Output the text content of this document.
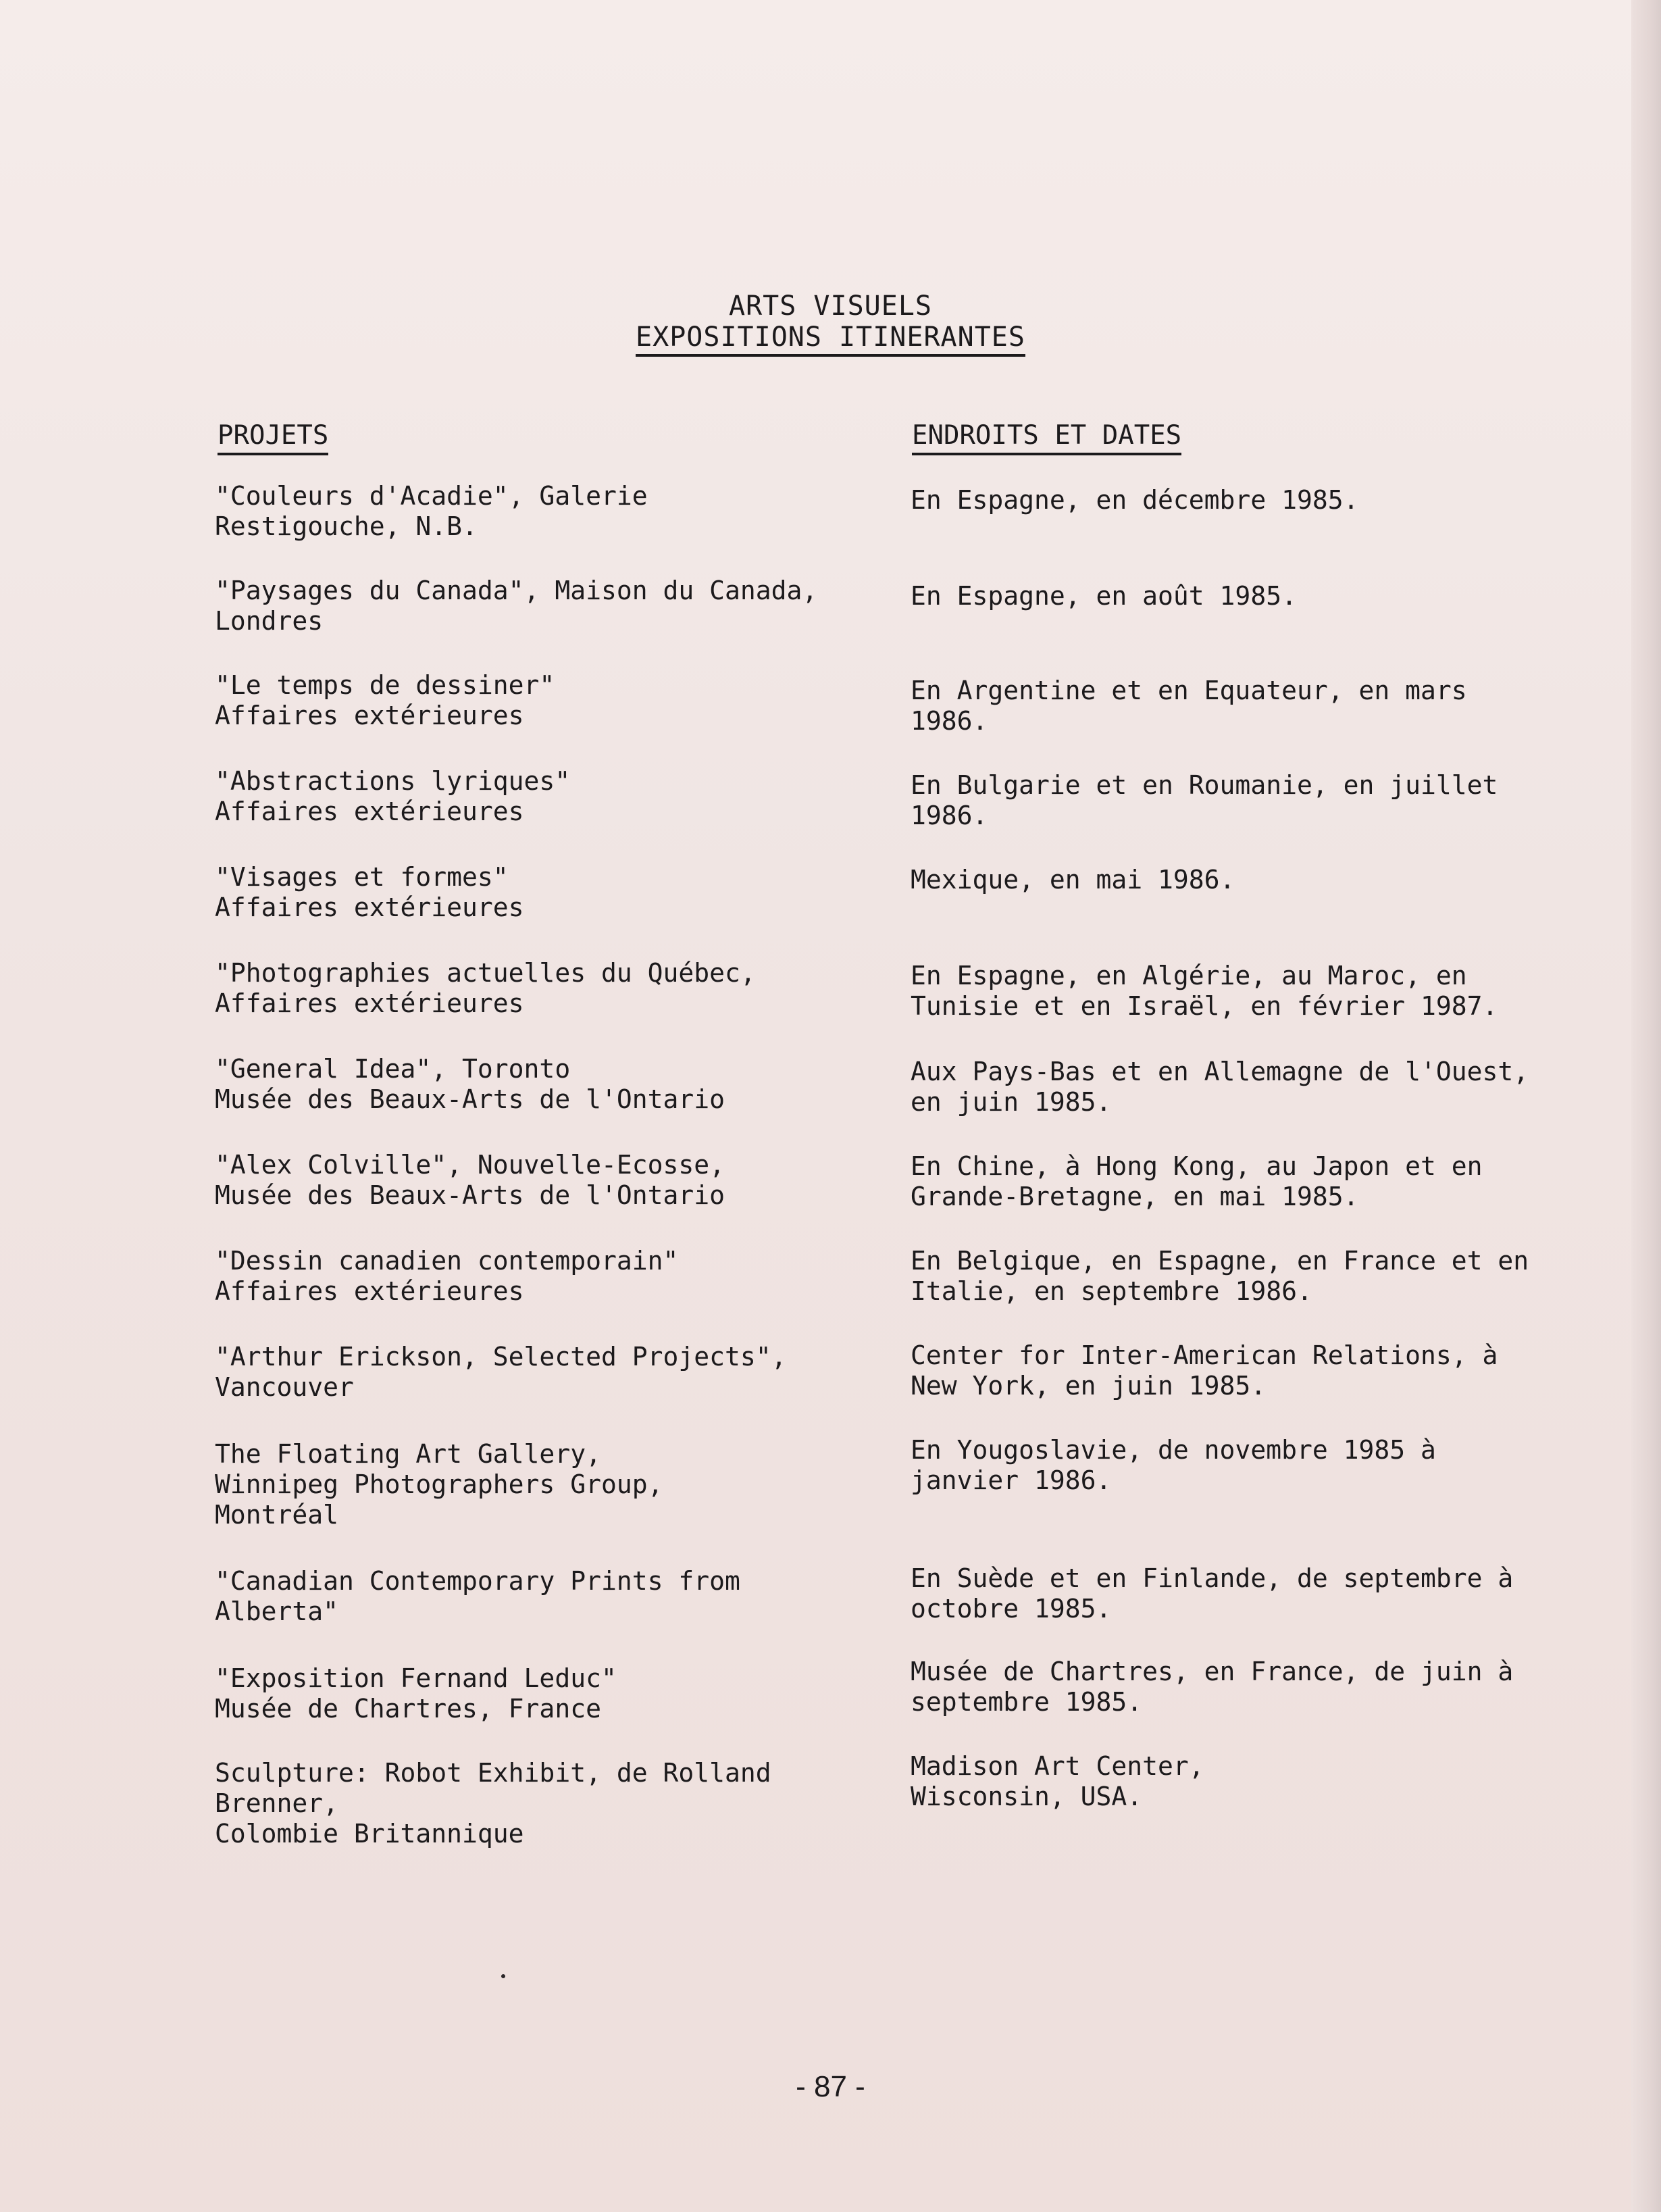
ARTS VISUELS
EXPOSITIONS ITINERANTES
PROJETS	ENDROITS ET DATES
"Couleurs d'Acadie", Galerie
Restigouche, N.B.
En Espagne, en décembre 1985.
"Paysages du Canada", Maison du Canada,
Londres
En Espagne, en août 1985.
"Le temps de dessiner"
Affaires extérieures
En Argentine et en Equateur, en mars
1986.
"Abstractions lyriques"
Affaires extérieures
En Bulgarie et en Roumanie, en juillet
1986.
"Visages et formes"
Affaires extérieures
Mexique, en mai 1986.
"Photographies actuelles du Québec,
Affaires extérieures
En Espagne, en Algérie, au Maroc, en
Tunisie et en Israël, en février 1987.
"General Idea", Toronto
Musée des Beaux-Arts de l'Ontario
Aux Pays-Bas et en Allemagne de l'Ouest,
en juin 1985.
"Alex Colville", Nouvelle-Ecosse,
Musée des Beaux-Arts de l'Ontario
En Chine, à Hong Kong, au Japon et en
Grande-Bretagne, en mai 1985.
"Dessin canadien contemporain"
Affaires extérieures
En Belgique, en Espagne, en France et en
Italie, en septembre 1986.
"Arthur Erickson, Selected Projects",
Vancouver
Center for Inter-American Relations, à
New York, en juin 1985.
The Floating Art Gallery,
Winnipeg Photographers Group,
Montréal
En Yougoslavie, de novembre 1985 à
janvier 1986.
"Canadian Contemporary Prints from
Alberta"
En Suède et en Finlande, de septembre à
octobre 1985.
"Exposition Fernand Leduc"
Musée de Chartres, France
Musée de Chartres, en France, de juin à
septembre 1985.
Sculpture: Robot Exhibit, de Rolland
Brenner,
Colombie Britannique
Madison Art Center,
Wisconsin, USA.
- 87 -
